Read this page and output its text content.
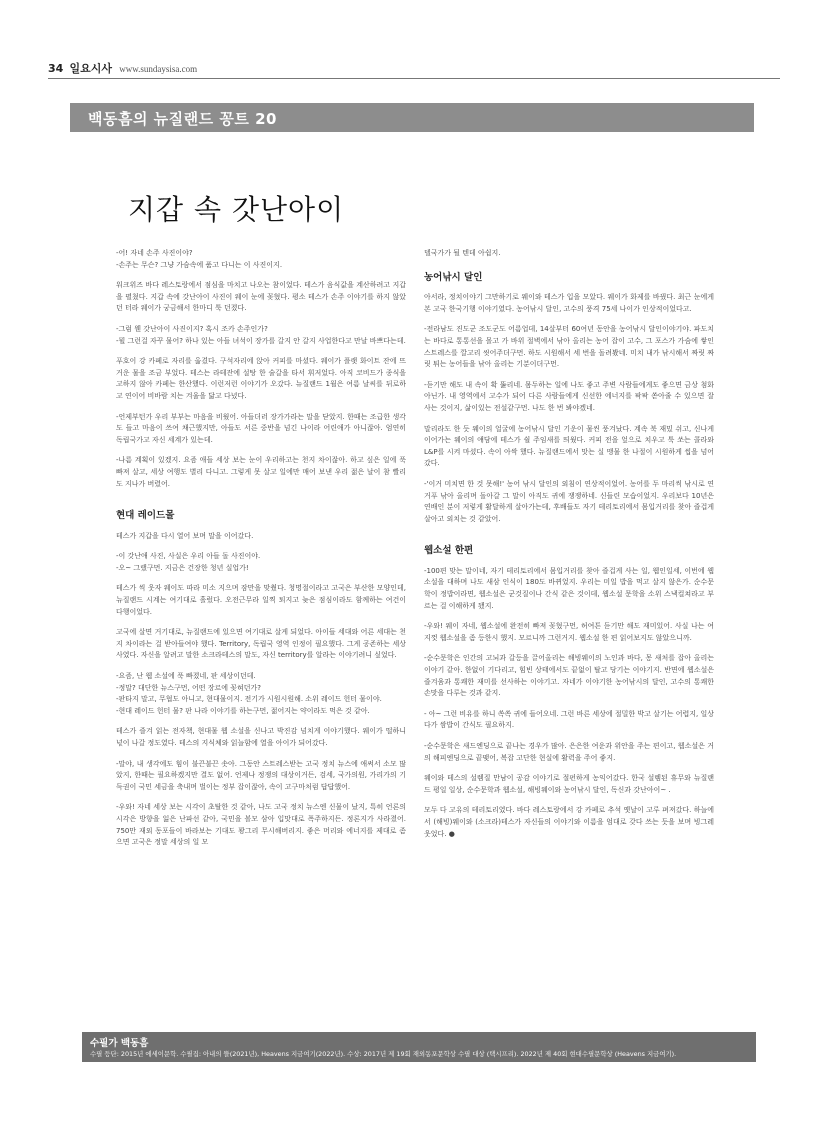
34 일요시사 www.sundaysisa.com
백동흠의 뉴질랜드 꽁트 20
지갑 속 갓난아이

-어! 자네 손주 사진이야?
-손주는 무슨? 그냥 가슴속에 품고 다니는 이 사진이지.

워크위즈 바다 레스토랑에서 점심을 마치고 나오는 참이었다. 테스가 음식값을 계산하려고 지갑을 펼쳤다. 지갑 속에 갓난아이 사진이 웨이 눈에 꽂혔다. 평소 테스가 손주 이야기를 하지 않았던 터라 웨이가 궁금해서 한마디 툭 던졌다.

-그럼 웬 갓난아이 사진이지? 혹시 조카 손주인가?
-뭘 그런걸 자꾸 물어? 하나 있는 아들 녀석이 장가를 갈지 안 갈지 사업한다고 만날 바쁘다는데.

푸호이 강 카페로 자리를 옮겼다. 구석자리에 앉아 커피를 마셨다. 웨이가 플랫 화이트 잔에 뜨거운 물을 조금 부었다. 테스는 라테잔에 설탕 한 술갈을 타서 휘저었다. 아직 코비드가 종식을 고하지 않아 카페는 한산했다. 이런저런 이야기가 오갔다. 뉴질랜드 1월은 여름 날씨를 뒤로하고 연이어 비바람 치는 겨울을 닮고 다녔다.

-언제부턴가 우리 부부는 마음을 비웠어. 아들더러 장가가라는 말을 닫았지. 한때는 조급한 생각도 들고 마음이 쓰여 채근했지만, 아들도 서른 중반을 넘긴 나이라 어린애가 아니잖아. 엄연히 독립국가고 자신 세계가 있는데.

-나름 계획이 있겠지. 요즘 애들 세상 보는 눈이 우리하고는 천지 차이잖아. 하고 싶은 일에 푹 빠져 살고, 세상 여행도 별리 다니고. 그렇게 못 살고 일에만 매어 보낸 우리 젊은 날이 참 빨리도 지나가 버렸어.

현대 레이드몰

테스가 지갑을 다시 열어 보며 말을 이어갔다.

-이 갓난애 사진, 사실은 우리 아들 돌 사진이야.
-오~ 그랬구먼. 지금은 건장한 청년 실업가!

테스가 씩 웃자 웨이도 따라 미소 지으며 잠만을 맞췄다. 청명절이라고 고국은 부산한 모양인데, 뉴질랜드 시계는 여기대로 흘렀다. 오전근무라 일찍 퇴지고 늦은 점심이라도 함께하는 여건이 다행이었다.

고국에 살면 거기대로, 뉴질랜드에 있으면 여기대로 살게 되었다. 아이들 세대와 어른 세대는 천지 차이라는 걸 받아들여야 했다. Territory, 독립국 영역 인정이 필요했다. 그게 공존하는 세상사였다. 자신을 알려고 말한 소크라테스의 말도, 자신 territory를 알라는 이야기려니 싶었다.

-요즘, 난 웹 소설에 푹 빠졌네, 판 세상이던데.
-정말? 대단한 뉴스구먼, 어떤 장르에 꽂혀던가?
-판타지 말고, 무협도 아니고, 현대물이지. 전기가 시원시원해. 소위 레이드 헌터 물이야.
-현대 레이드 헌터 물? 판 나라 이야기를 하는구먼, 젊어지는 약이라도 먹은 것 같아.

테스가 즐겨 읽는 전자책, 현대물 웹 소설을 신나고 박진감 넘치게 이야기했다. 웨이가 떨하니 넋이 나갈 정도였다. 테스의 지식체와 읽늘함에 열을 아이가 되어갔다.

-말야, 내 생각에도 힘이 불끈불끈 솟아. 그동안 스트레스받는 고국 정치 뉴스에 애써서 소모 많았지, 한때는 필요하겠지만 결도 없어. 언제나 정쟁의 대상이거든, 검세, 국가의원, 가리가의 기득권이 국민 세금을 축내며 벌이는 정부 잡이잖아, 속이 고구마처럼 답답했어.

-우와! 자네 세상 보는 시각이 초탈한 것 같아, 나도 고국 정치 뉴스엔 신물이 났지, 특히 언론의 시각은 방향을 잃은 난파선 같아, 국민을 볼모 삼아 입맛대로 폭주하지든. 정론지가 사라졌어. 750만 재외 동포들이 바라보는 기대도 꽝그리 무시해버리지. 좋은 머리와 에너지를 제대로 좀으면 고국은 정말 세상의 일 모

델국가가 될 텐데 아쉽지.

농어낚시 달인

아서라, 정치이야기 그만하기로 웨이와 테스가 입을 모았다. 웨이가 화제를 바꿨다. 최근 눈에게 본 고국 한국기행 이야기였다. 농어낚시 달인, 고수의 풍격 75세 나이가 인상적이었다고.

-전라남도 진도군 조도군도 어름업데, 14살부터 60여년 동안을 농어낚시 달인이야기야. 파도치는 바다로 통통선을 몰고 가 바위 절벽에서 낚아 올리는 농어 잡이 고수, 그 포스가 가슴에 쌓인 스트레스를 깔고리 씻어주더구먼. 하도 시원해서 세 번을 돌려봤네. 미치 내가 낚시해서 짜릿 짜릿 튀는 농어들을 낚아 올리는 기분이더구먼.

-듣기만 해도 내 속이 확 뚫리네. 몸두하는 일에 나도 좋고 주변 사람들에게도 좋으면 금상 첨화 아닌가. 내 영역에서 고수가 되어 다른 사람들에게 신선한 에너지를 팍팍 쏟아줄 수 있으면 잘 사는 것이지, 삶이있는 전설같구먼. 나도 한 번 봐야겠네.

말리라도 한 듯 웨이의 얼굴에 농어낚시 달인 기운이 물씬 풍겨났다. 계속 북 재밌 쉬고, 신나게 이어가는 웨이의 얘담에 테스가 쉴 주임새를 띄웠다. 커피 전을 엎으로 치우고 툭 쏘는 콜라와 L&P를 시켜 마셨다. 속이 아싹 했다. 뉴질랜드에서 맛는 실 맹물 한 나절이 시원하게 씹을 넘어갔다.

-'이거 미치면 한 것 못해!' 농어 낚시 달인의 외침이 연상적이었어. 농어를 두 마리씩 낚시로 연거푸 낚아 올리며 돌아갈 그 말이 아직도 귀에 쟁쟁하네. 신들린 모습이었지. 우리보다 10년은 연배인 분이 저렇게 활달하게 살아가는데, 후배들도 자기 테리토리에서 몸입거리를 찾아 즐겁게 살아고 외치는 것 같았어.

웹소설 한편

-100편 맞는 말이네, 자기 테리토리에서 몸입거리를 찾아 즐겁게 사는 일, 웹인일세, 이번에 웹소설을 대하며 나도 새삼 인식이 180도 바뀌었지. 우리는 미일 밥을 먹고 살지 않은가. 순수문학이 정밥이라면, 웹소설은 군것질이나 간식 같은 것이데, 웹소설 문학을 소위 스낵컬쳐라고 부르는 걸 이해하게 됐지.

-우와! 웨이 자네, 웹소설에 완전히 빠져 꽂혔구먼, 허여튼 듣기만 해도 재미있어. 사실 나는 여지껏 웹소설을 좀 등한시 했지. 모르니까 그런거지. 웹소설 한 편 읽어보지도 않았으니까.

-순수문학은 인간의 고뇌과 갈등을 끌어올리는 해빙웨이의 노인과 바다, 몽 새처를 잡아 올리는 이야기 같아. 한없이 기다리고, 힘빈 상태에서도 끝없이 탈고 당기는 이야기지. 반면에 웹소설은 즐겨움과 통쾌한 재미를 선사하는 이야기고. 자네가 이야기한 농어낚시의 달인, 고수의 통쾌한 손맛을 다루는 것과 같지.

- 아~ 그런 비유를 하니 쏙쏙 귀에 들어오네. 그런 바른 세상에 절밀한 박고 살기는 어렵지, 일상다가 쌈밥이 간식도 필요하지.

-순수문학은 새드엔딩으로 끝나는 경우가 많아. 은은한 여운과 위안을 주는 편이고, 웹소설은 거의 해피엔딩으로 끝맺어, 복잡 고단한 현실에 활력을 주어 좋지.

웨이와 테스의 설렘질 만남이 공감 이야기로 절펀하게 농익어갔다. 한국 설렘된 휴무와 뉴질랜드 평일 일상, 순수문학과 웹소설, 해빙웨이와 농어낚시 달인, 독신과 갓난아이~ .

모두 다 고유의 테리토리였다. 바다 레스토랑에서 강 카페로 추석 옛날이 고루 펴져갔다. 하늘에서 (해빙)웨이와 (소크라)테스가 자신들의 이야기와 이름을 엄대로 갖다 쓰는 듯을 보며 빙그레 웃었다. ●

수필가 백동흠
수필 등단: 2015년 에세이문학. 수필집: 아내의 뜰(2021년), Heavens 지금여기(2022년). 수상: 2017년 제 19회 재외동포문학상 수필 대상 (택시프리). 2022년 제 40회 현대수필문학상 (Heavens 지금여기).
